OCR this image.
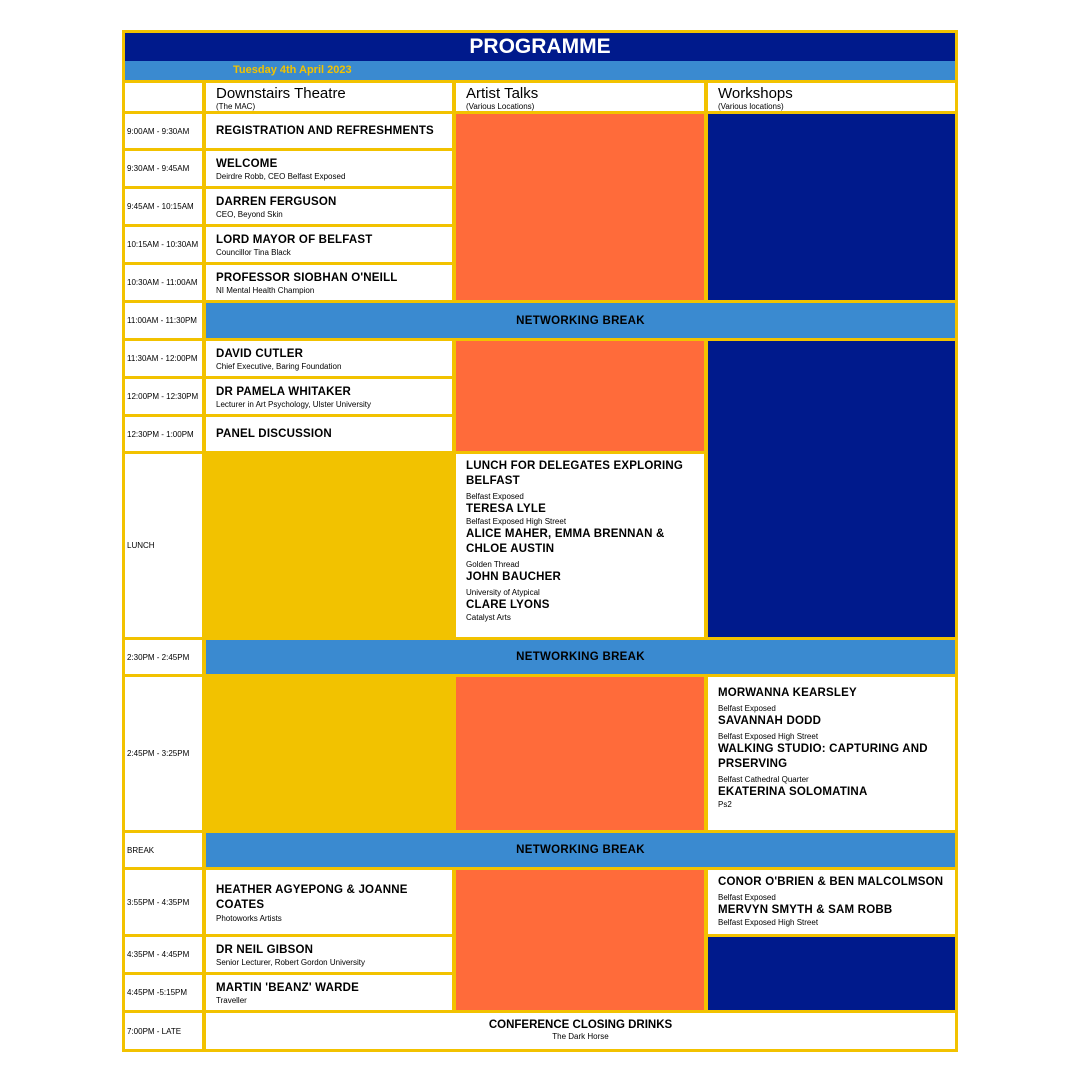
PROGRAMME
Tuesday 4th April 2023
Downstairs Theatre
(The MAC)
Artist Talks
(Various Locations)
Workshops
(Various locations)
9:00AM - 9:30AM
9:30AM - 9:45AM
9:45AM - 10:15AM
10:15AM - 10:30AM
10:30AM - 11:00AM
11:00AM - 11:30PM
11:30AM - 12:00PM
12:00PM - 12:30PM
12:30PM - 1:00PM
LUNCH
2:30PM - 2:45PM
2:45PM - 3:25PM
BREAK
3:55PM - 4:35PM
4:35PM - 4:45PM
4:45PM -5:15PM
7:00PM - LATE
REGISTRATION AND REFRESHMENTS
WELCOME
Deirdre Robb, CEO Belfast Exposed
DARREN FERGUSON
CEO, Beyond Skin
LORD MAYOR OF BELFAST
Councillor Tina Black
PROFESSOR SIOBHAN O'NEILL
NI Mental Health Champion
NETWORKING BREAK
DAVID CUTLER
Chief Executive, Baring Foundation
DR PAMELA WHITAKER
Lecturer in Art Psychology, Ulster University
PANEL DISCUSSION
LUNCH FOR DELEGATES EXPLORING BELFAST
Belfast Exposed
TERESA LYLE
Belfast Exposed High Street
ALICE MAHER, EMMA BRENNAN & CHLOE AUSTIN
Golden Thread
JOHN BAUCHER
University of Atypical
CLARE LYONS
Catalyst Arts
NETWORKING BREAK
MORWANNA KEARSLEY
Belfast Exposed
SAVANNAH DODD
Belfast Exposed High Street
WALKING STUDIO: CAPTURING AND PRSERVING
Belfast Cathedral Quarter
EKATERINA SOLOMATINA
Ps2
NETWORKING BREAK
HEATHER AGYEPONG & JOANNE COATES
Photoworks Artists
DR NEIL GIBSON
Senior Lecturer, Robert Gordon University
MARTIN 'BEANZ' WARDE
Traveller
CONOR O'BRIEN & BEN MALCOLMSON
Belfast Exposed
MERVYN SMYTH & SAM ROBB
Belfast Exposed High Street
CONFERENCE CLOSING DRINKS
The Dark Horse
